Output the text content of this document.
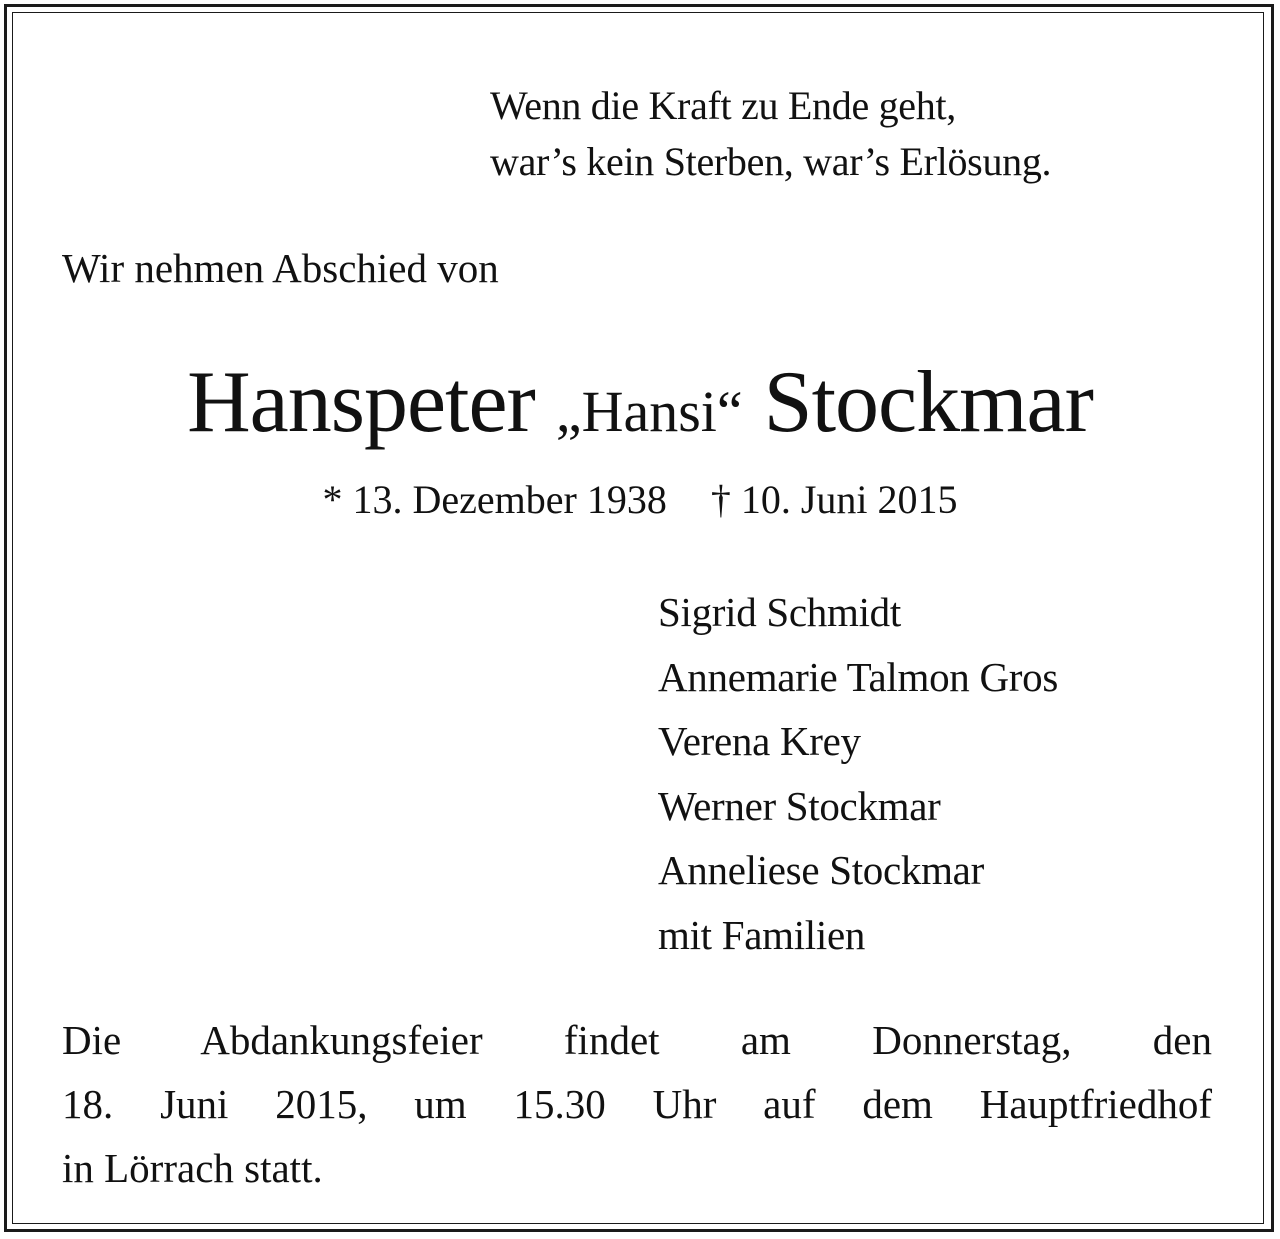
Wenn die Kraft zu Ende geht,
war’s kein Sterben, war’s Erlösung.
Wir nehmen Abschied von
Hanspeter „Hansi“ Stockmar
* 13. Dezember 1938 † 10. Juni 2015
Sigrid Schmidt
Annemarie Talmon Gros
Verena Krey
Werner Stockmar
Anneliese Stockmar
mit Familien
Die Abdankungsfeier findet am Donnerstag, den
18. Juni 2015, um 15.30 Uhr auf dem Hauptfriedhof
in Lörrach statt.
